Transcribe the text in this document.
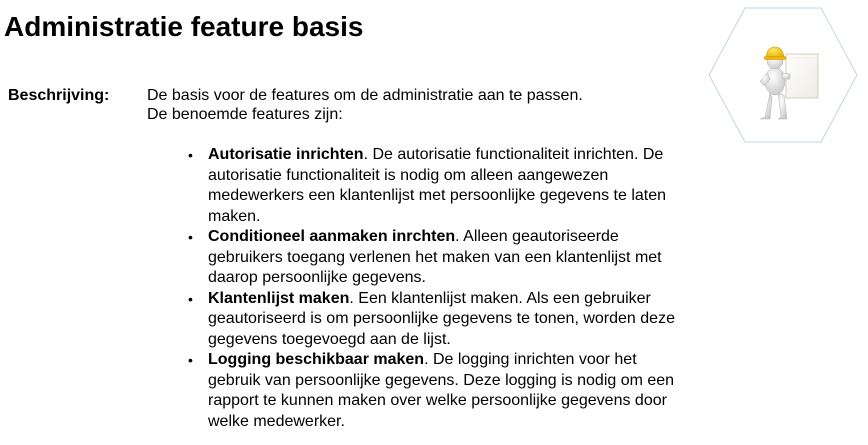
Administratie feature basis
Beschrijving: De basis voor de features om de administratie aan te passen.
De benoemde features zijn:
• Autorisatie inrichten. De autorisatie functionaliteit inrichten. De autorisatie functionaliteit is nodig om alleen aangewezen medewerkers een klantenlijst met persoonlijke gegevens te laten maken.
• Conditioneel aanmaken inrchten. Alleen geautoriseerde gebruikers toegang verlenen het maken van een klantenlijst met daarop persoonlijke gegevens.
• Klantenlijst maken. Een klantenlijst maken. Als een gebruiker geautoriseerd is om persoonlijke gegevens te tonen, worden deze gegevens toegevoegd aan de lijst.
• Logging beschikbaar maken. De logging inrichten voor het gebruik van persoonlijke gegevens. Deze logging is nodig om een rapport te kunnen maken over welke persoonlijke gegevens door welke medewerker.
